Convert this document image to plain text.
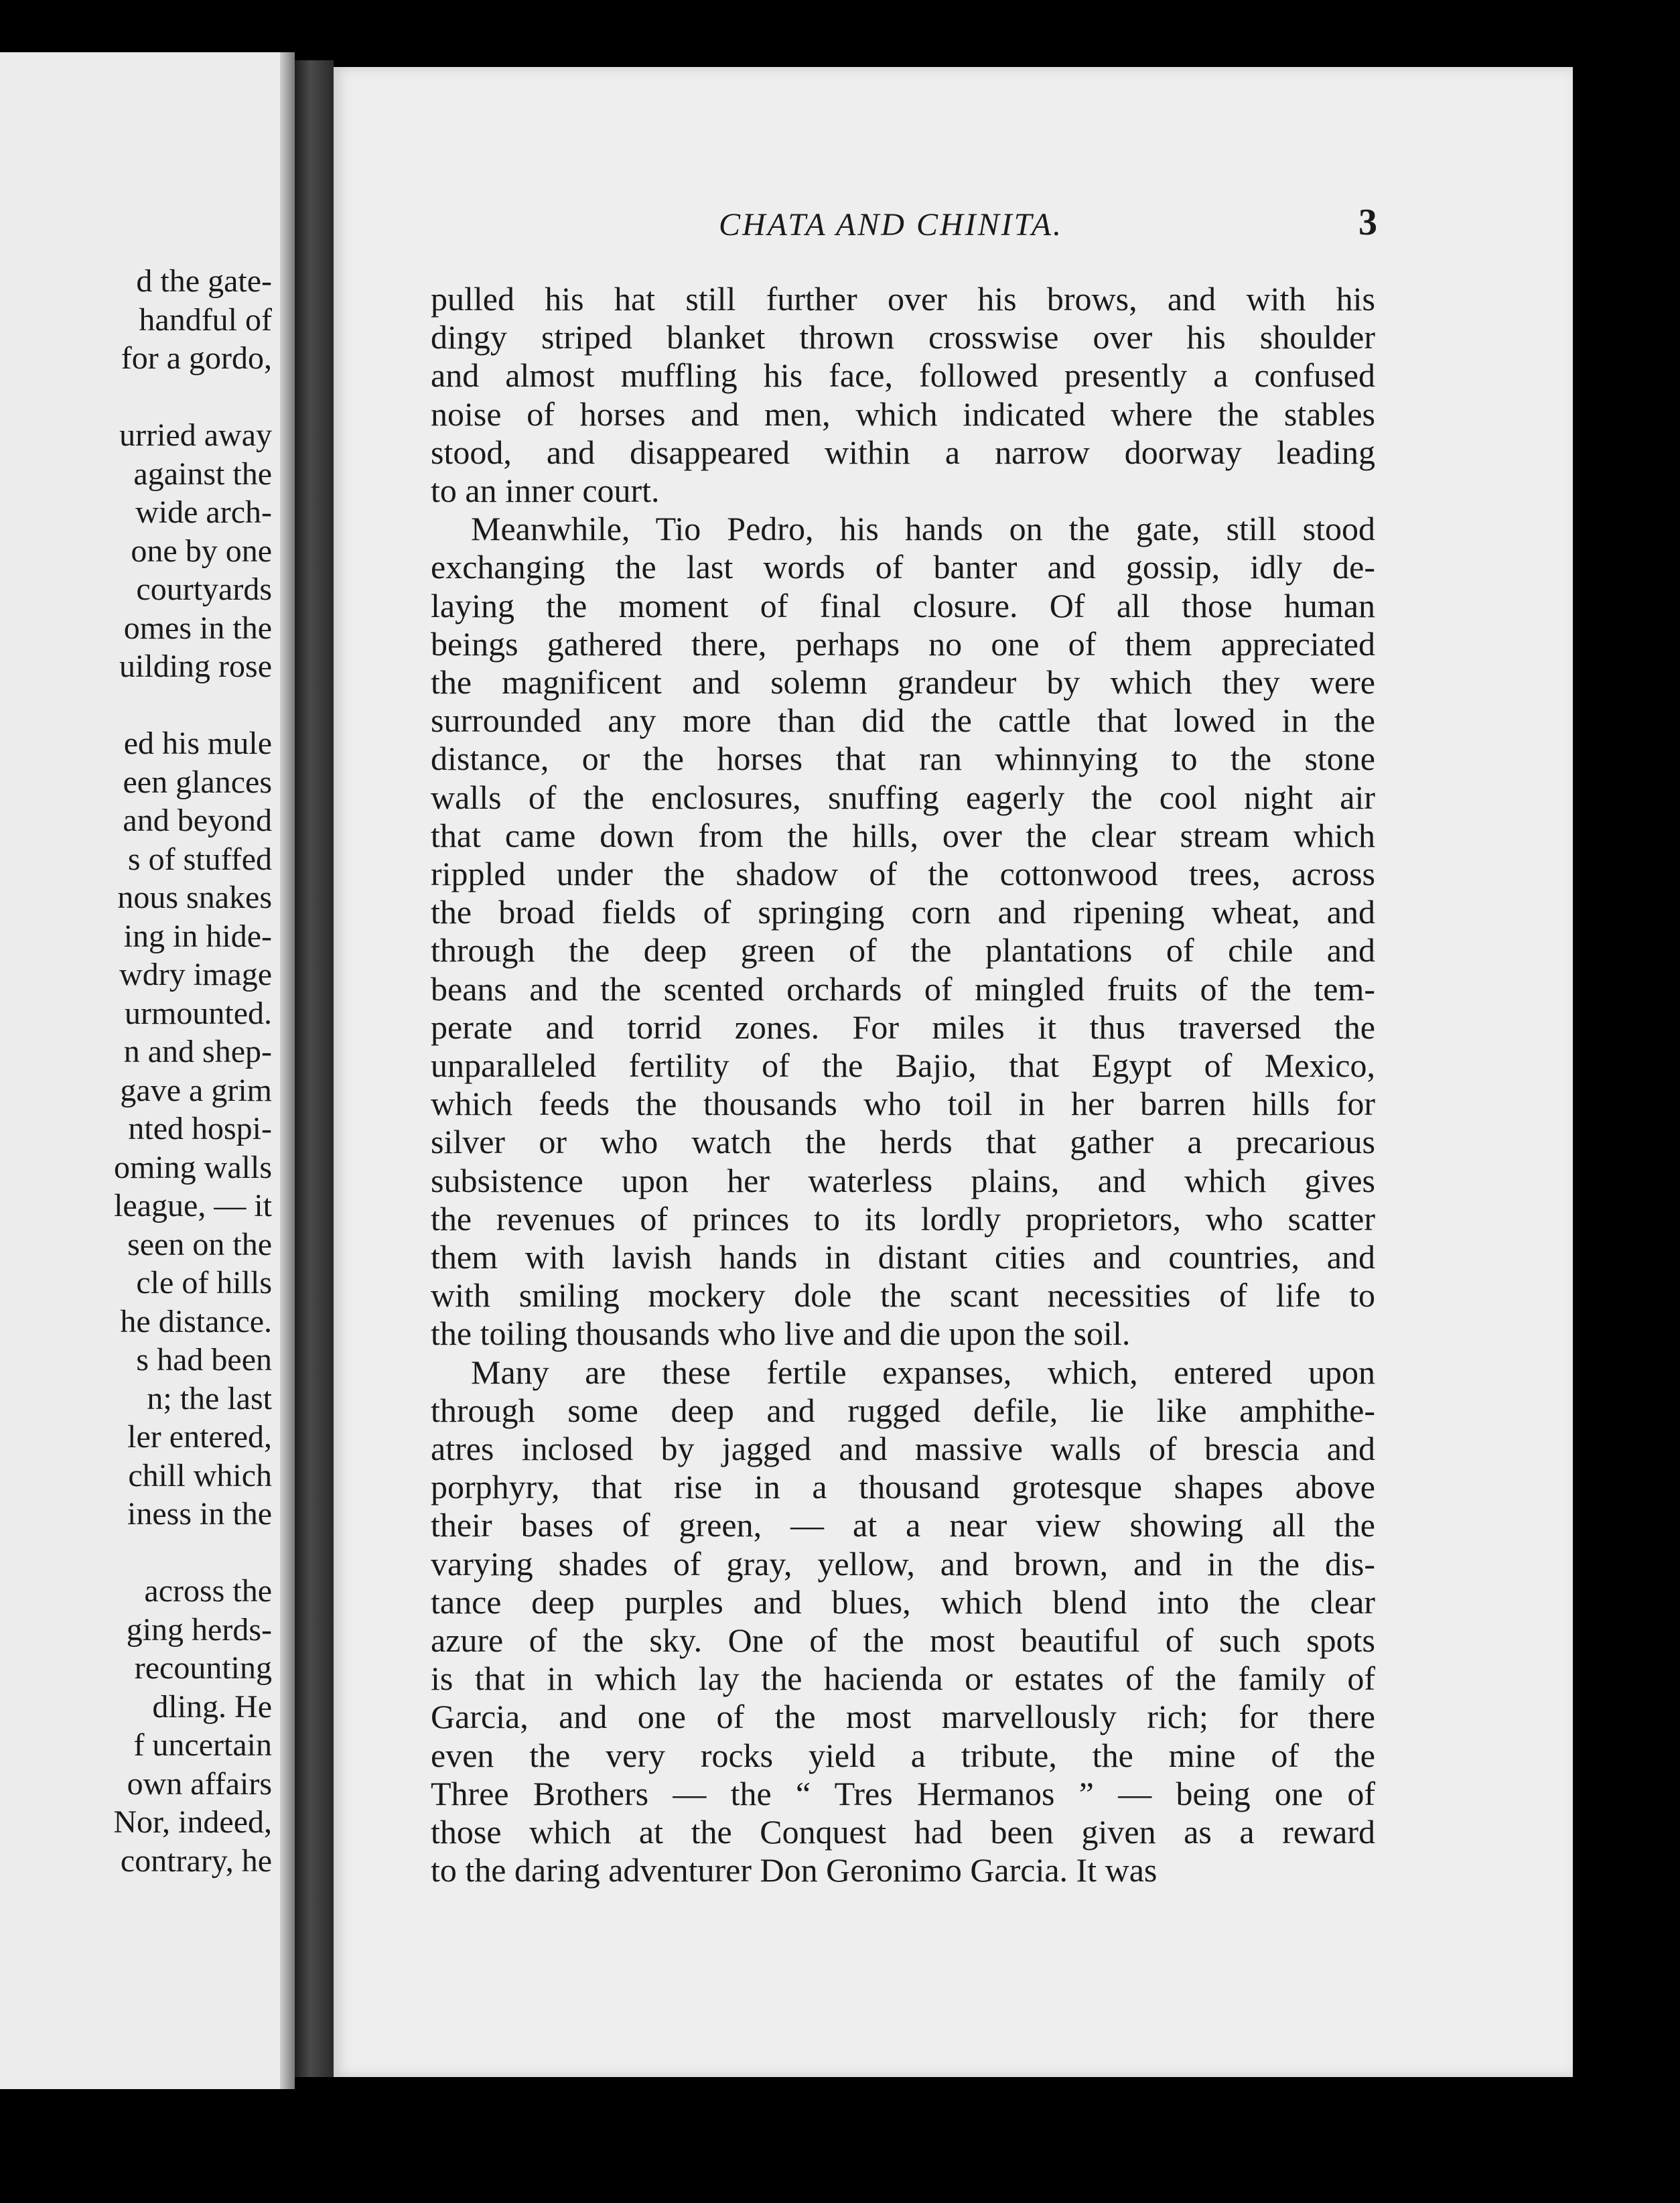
d the gate-
handful of
for a gordo,
urried away
against the
wide arch-
one by one
courtyards
omes in the
uilding rose
ed his mule
een glances
and beyond
s of stuffed
nous snakes
ing in hide-
wdry image
urmounted.
n and shep-
gave a grim
nted hospi-
oming walls
league, — it
seen on the
cle of hills
he distance.
s had been
n; the last
ler entered,
chill which
iness in the
across the
ging herds-
recounting
dling. He
f uncertain
own affairs
Nor, indeed,
contrary, he
CHATA AND CHINITA.	3
pulled his hat still further over his brows, and with his
dingy striped blanket thrown crosswise over his shoulder
and almost muffling his face, followed presently a confused
noise of horses and men, which indicated where the stables
stood, and disappeared within a narrow doorway leading
to an inner court.
Meanwhile, Tio Pedro, his hands on the gate, still stood
exchanging the last words of banter and gossip, idly de-
laying the moment of final closure. Of all those human
beings gathered there, perhaps no one of them appreciated
the magnificent and solemn grandeur by which they were
surrounded any more than did the cattle that lowed in the
distance, or the horses that ran whinnying to the stone
walls of the enclosures, snuffing eagerly the cool night air
that came down from the hills, over the clear stream which
rippled under the shadow of the cottonwood trees, across
the broad fields of springing corn and ripening wheat, and
through the deep green of the plantations of chile and
beans and the scented orchards of mingled fruits of the tem-
perate and torrid zones. For miles it thus traversed the
unparalleled fertility of the Bajio, that Egypt of Mexico,
which feeds the thousands who toil in her barren hills for
silver or who watch the herds that gather a precarious
subsistence upon her waterless plains, and which gives
the revenues of princes to its lordly proprietors, who scatter
them with lavish hands in distant cities and countries, and
with smiling mockery dole the scant necessities of life to
the toiling thousands who live and die upon the soil.
Many are these fertile expanses, which, entered upon
through some deep and rugged defile, lie like amphithe-
atres inclosed by jagged and massive walls of brescia and
porphyry, that rise in a thousand grotesque shapes above
their bases of green, — at a near view showing all the
varying shades of gray, yellow, and brown, and in the dis-
tance deep purples and blues, which blend into the clear
azure of the sky. One of the most beautiful of such spots
is that in which lay the hacienda or estates of the family of
Garcia, and one of the most marvellously rich; for there
even the very rocks yield a tribute, the mine of the
Three Brothers — the “ Tres Hermanos ” — being one of
those which at the Conquest had been given as a reward
to the daring adventurer Don Geronimo Garcia. It was
